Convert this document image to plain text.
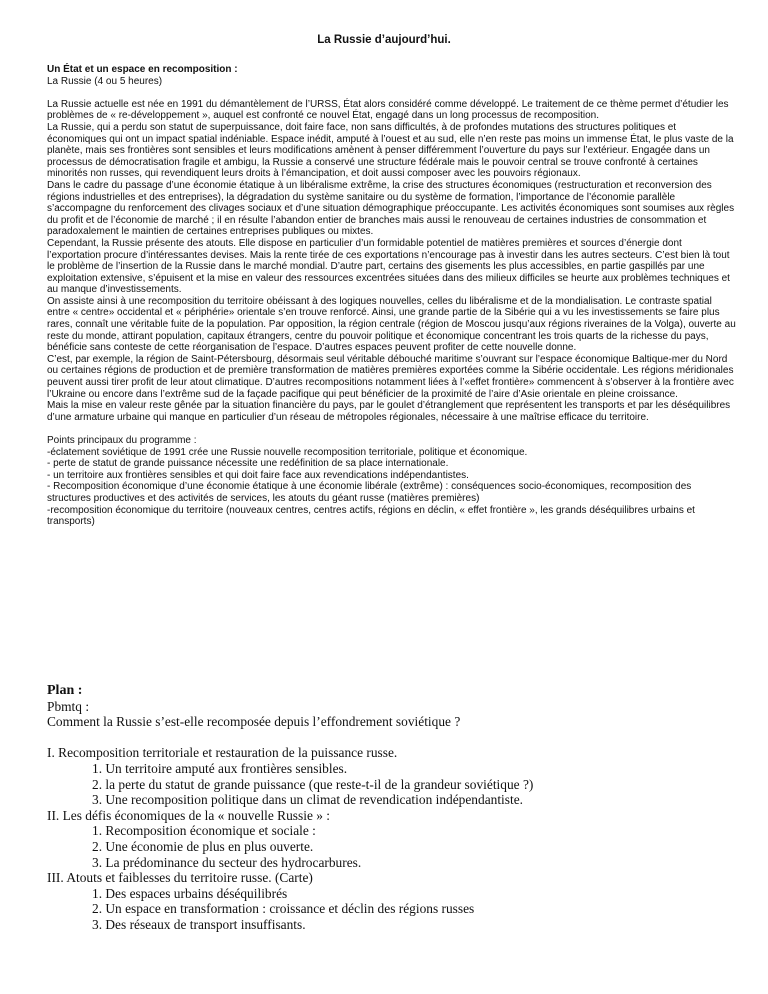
La Russie d’aujourd’hui.

Un État et un espace en recomposition :

La Russie (4 ou 5 heures)

La Russie actuelle est née en 1991 du démantèlement de l’URSS, État alors considéré comme développé. Le traitement de ce thème permet d’étudier les problèmes de « re-développement », auquel est confronté ce nouvel État, engagé dans un long processus de recomposition.

La Russie, qui a perdu son statut de superpuissance, doit faire face, non sans difficultés, à de profondes mutations des structures politiques et économiques qui ont un impact spatial indéniable. Espace inédit, amputé à l’ouest et au sud, elle n’en reste pas moins un immense État, le plus vaste de la planète, mais ses frontières sont sensibles et leurs modifications amènent à penser différemment l’ouverture du pays sur l’extérieur. Engagée dans un processus de démocratisation fragile et ambigu, la Russie a conservé une structure fédérale mais le pouvoir central se trouve confronté à certaines minorités non russes, qui revendiquent leurs droits à l’émancipation, et doit aussi composer avec les pouvoirs régionaux.

Dans le cadre du passage d’une économie étatique à un libéralisme extrême, la crise des structures économiques (restructuration et reconversion des régions industrielles et des entreprises), la dégradation du système sanitaire ou du système de formation, l’importance de l’économie parallèle s’accompagne du renforcement des clivages sociaux et d’une situation démographique préoccupante. Les activités économiques sont soumises aux règles du profit et de l’économie de marché ; il en résulte l’abandon entier de branches mais aussi le renouveau de certaines industries de consommation et paradoxalement le maintien de certaines entreprises publiques ou mixtes.

Cependant, la Russie présente des atouts. Elle dispose en particulier d’un formidable potentiel de matières premières et sources d’énergie dont l’exportation procure d’intéressantes devises. Mais la rente tirée de ces exportations n’encourage pas à investir dans les autres secteurs. C’est bien là tout le problème de l’insertion de la Russie dans le marché mondial. D’autre part, certains des gisements les plus accessibles, en partie gaspillés par une exploitation extensive, s’épuisent et la mise en valeur des ressources excentrées situées dans des milieux difficiles se heurte aux problèmes techniques et au manque d’investissements.

On assiste ainsi à une recomposition du territoire obéissant à des logiques nouvelles, celles du libéralisme et de la mondialisation. Le contraste spatial entre « centre» occidental et « périphérie» orientale s’en trouve renforcé. Ainsi, une grande partie de la Sibérie qui a vu les investissements se faire plus rares, connaît une véritable fuite de la population. Par opposition, la région centrale (région de Moscou jusqu’aux régions riveraines de la Volga), ouverte au reste du monde, attirant population, capitaux étrangers, centre du pouvoir politique et économique concentrant les trois quarts de la richesse du pays, bénéficie sans conteste de cette réorganisation de l’espace. D’autres espaces peuvent profiter de cette nouvelle donne.

C’est, par exemple, la région de Saint-Pétersbourg, désormais seul véritable débouché maritime s’ouvrant sur l’espace économique Baltique-mer du Nord ou certaines régions de production et de première transformation de matières premières exportées comme la Sibérie occidentale. Les régions méridionales peuvent aussi tirer profit de leur atout climatique. D’autres recompositions notamment liées à l’«effet frontière» commencent à s’observer à la frontière avec l’Ukraine ou encore dans l’extrême sud de la façade pacifique qui peut bénéficier de la proximité de l’aire d’Asie orientale en pleine croissance.

Mais la mise en valeur reste gênée par la situation financière du pays, par le goulet d’étranglement que représentent les transports et par les déséquilibres d’une armature urbaine qui manque en particulier d’un réseau de métropoles régionales, nécessaire à une maîtrise efficace du territoire.

Points principaux du programme :

-éclatement soviétique de 1991 crée une Russie nouvelle recomposition territoriale, politique et économique.

- perte de statut de grande puissance nécessite une redéfinition de sa place internationale.

- un territoire aux frontières sensibles et qui doit faire face aux revendications indépendantistes.

- Recomposition économique d’une économie étatique à une économie libérale (extrême) : conséquences socio-économiques, recomposition des structures productives et des activités de services, les atouts du géant russe (matières premières)

-recomposition économique du territoire (nouveaux centres, centres actifs, régions en déclin, « effet frontière », les grands déséquilibres urbains et transports)

Plan :

Pbmtq :

Comment la Russie s’est-elle recomposée depuis l’effondrement soviétique ?

I. Recomposition territoriale et restauration de la puissance russe.

1. Un territoire amputé aux frontières sensibles.

2. la perte du statut de grande puissance (que reste-t-il de la grandeur soviétique ?)

3. Une recomposition politique dans un climat de revendication indépendantiste.

II. Les défis économiques de la « nouvelle Russie » :

1. Recomposition économique et sociale :

2. Une économie de plus en plus ouverte.

3. La prédominance du secteur des hydrocarbures.

III. Atouts et faiblesses du territoire russe. (Carte)

1. Des espaces urbains déséquilibrés

2. Un espace en transformation : croissance et déclin des régions russes

3. Des réseaux de transport insuffisants.
